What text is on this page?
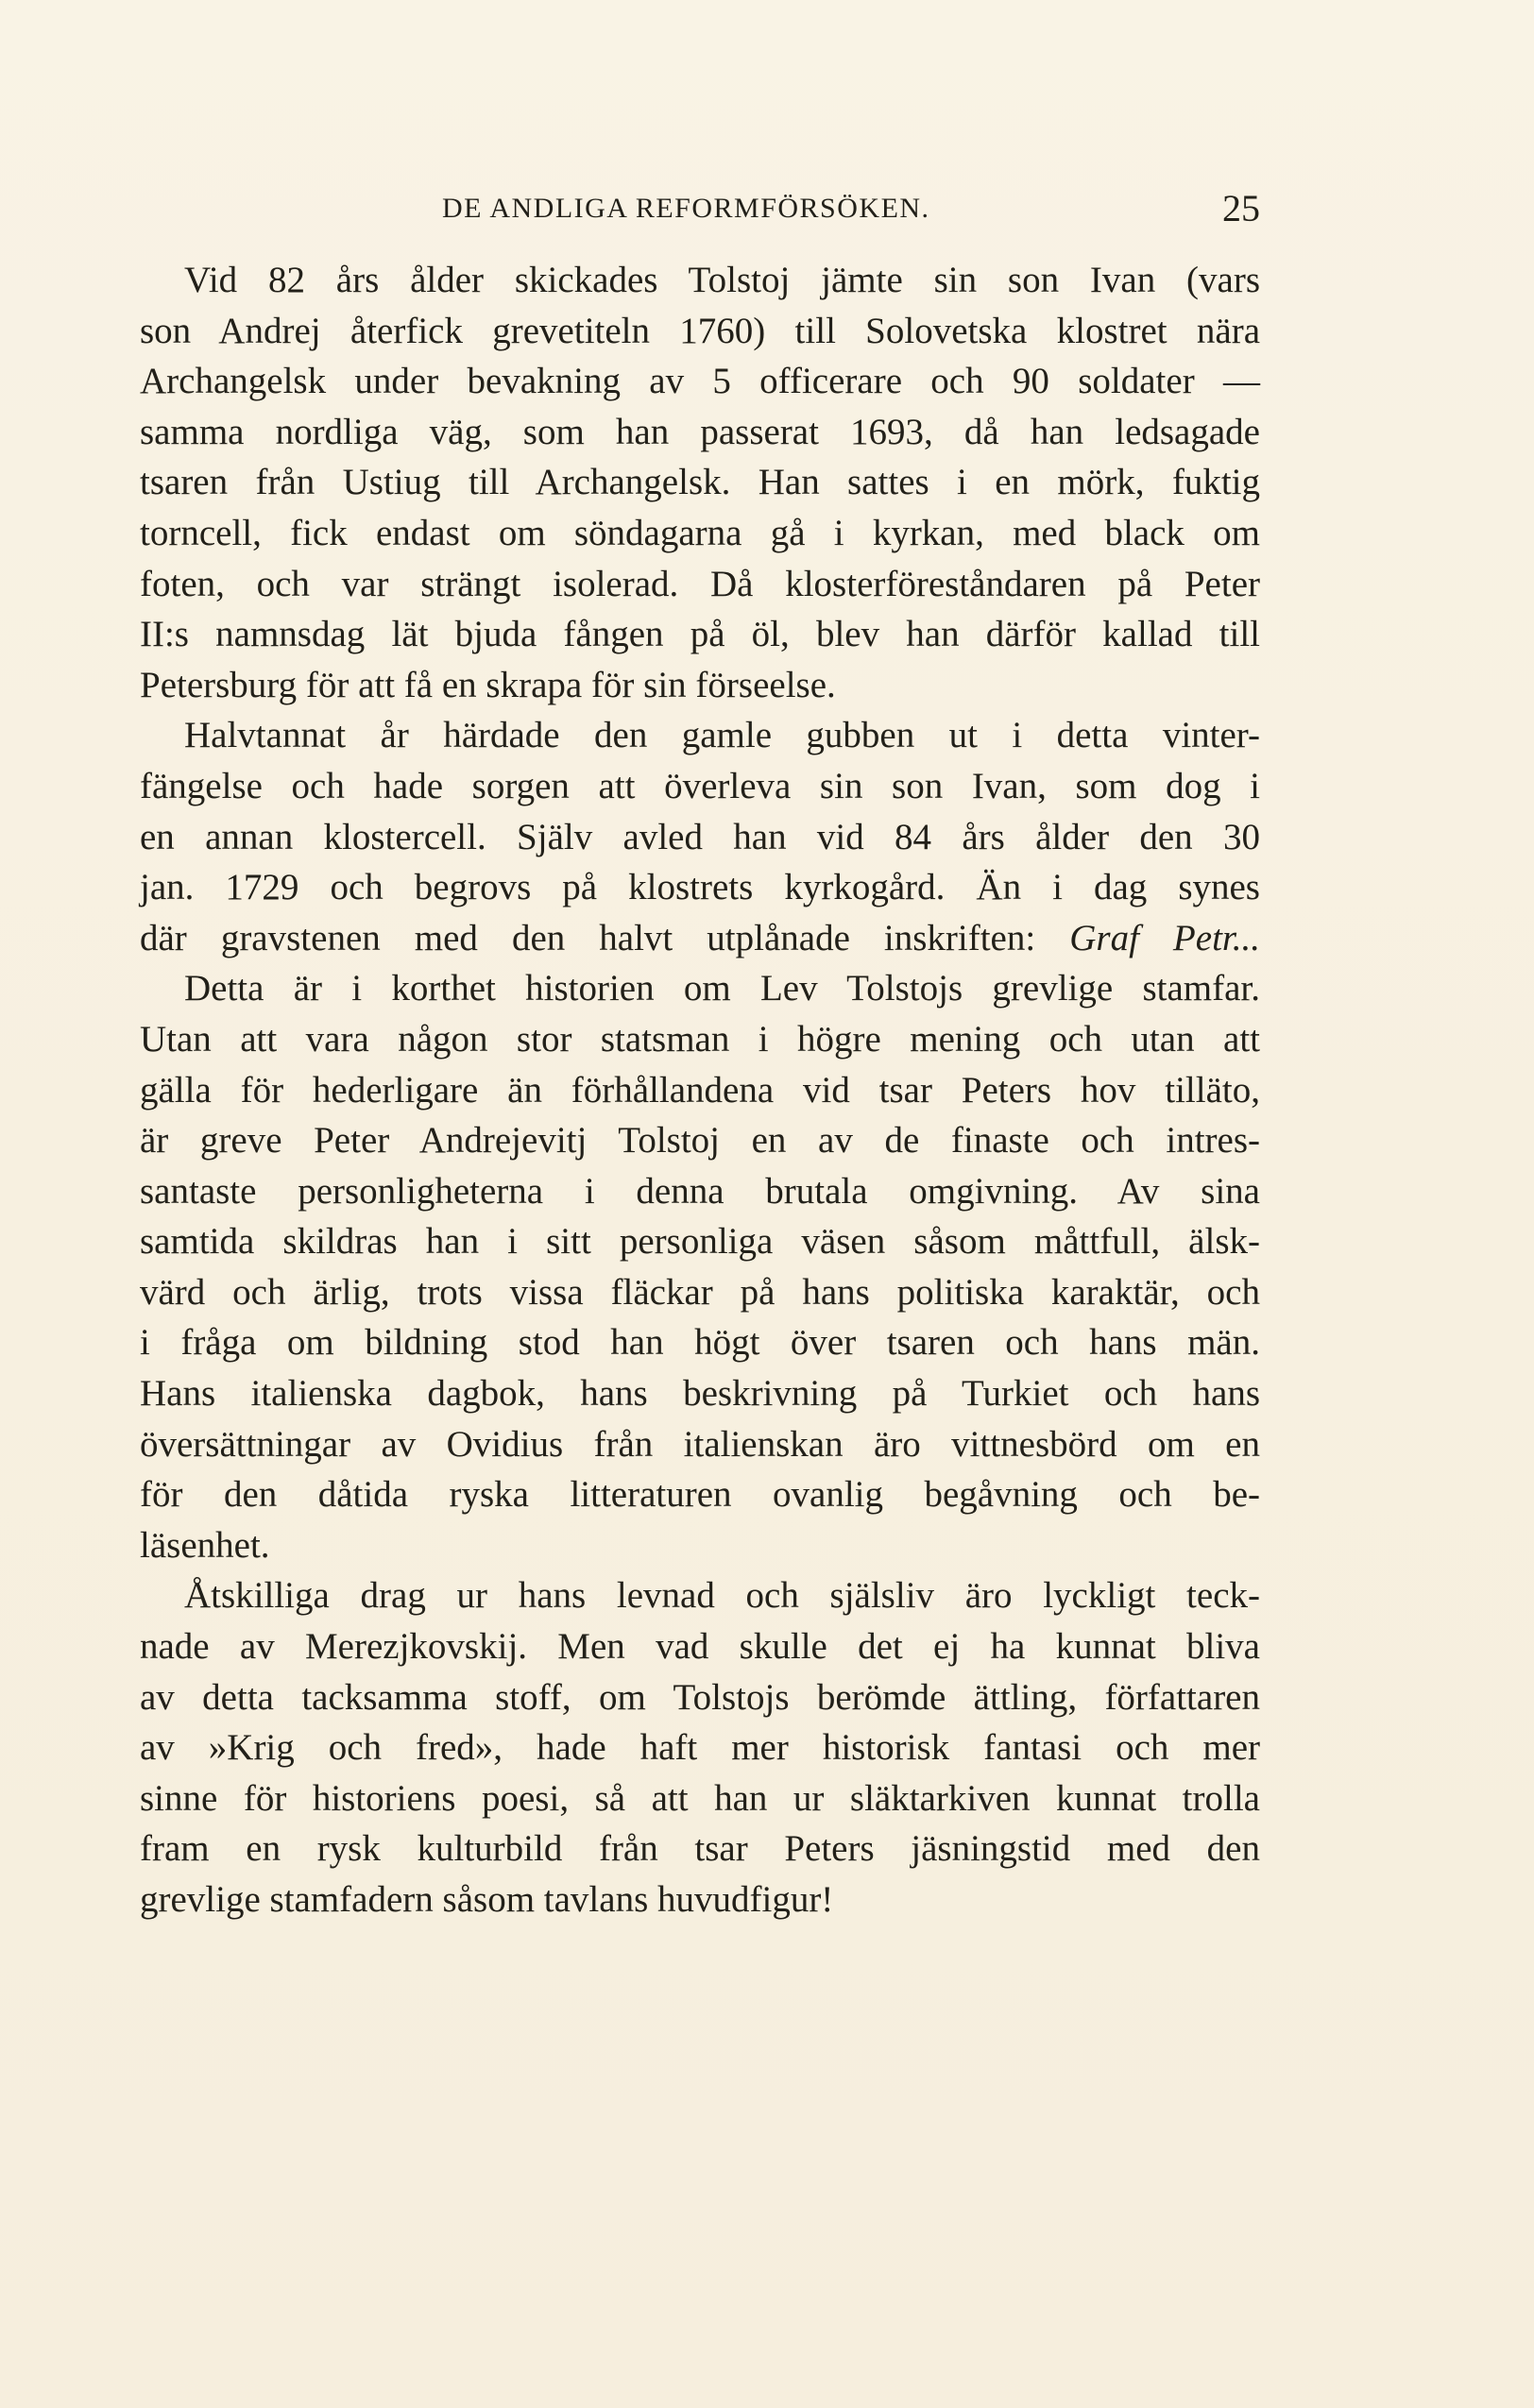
DE ANDLIGA REFORMFÖRSÖKEN.	25
Vid 82 års ålder skickades Tolstoj jämte sin son Ivan (vars
son Andrej återfick grevetiteln 1760) till Solovetska klostret nära
Archangelsk under bevakning av 5 officerare och 90 soldater —
samma nordliga väg, som han passerat 1693, då han ledsagade
tsaren från Ustiug till Archangelsk. Han sattes i en mörk, fuktig
torncell, fick endast om söndagarna gå i kyrkan, med black om
foten, och var strängt isolerad. Då klosterföreståndaren på Peter
II:s namnsdag lät bjuda fången på öl, blev han därför kallad till
Petersburg för att få en skrapa för sin förseelse.
Halvtannat år härdade den gamle gubben ut i detta vinter-
fängelse och hade sorgen att överleva sin son Ivan, som dog i
en annan klostercell. Själv avled han vid 84 års ålder den 30
jan. 1729 och begrovs på klostrets kyrkogård. Än i dag synes
där gravstenen med den halvt utplånade inskriften: Graf Petr...
Detta är i korthet historien om Lev Tolstojs grevlige stamfar.
Utan att vara någon stor statsman i högre mening och utan att
gälla för hederligare än förhållandena vid tsar Peters hov tilläto,
är greve Peter Andrejevitj Tolstoj en av de finaste och intres-
santaste personligheterna i denna brutala omgivning. Av sina
samtida skildras han i sitt personliga väsen såsom måttfull, älsk-
värd och ärlig, trots vissa fläckar på hans politiska karaktär, och
i fråga om bildning stod han högt över tsaren och hans män.
Hans italienska dagbok, hans beskrivning på Turkiet och hans
översättningar av Ovidius från italienskan äro vittnesbörd om en
för den dåtida ryska litteraturen ovanlig begåvning och be-
läsenhet.
Åtskilliga drag ur hans levnad och själsliv äro lyckligt teck-
nade av Merezjkovskij. Men vad skulle det ej ha kunnat bliva
av detta tacksamma stoff, om Tolstojs berömde ättling, författaren
av »Krig och fred», hade haft mer historisk fantasi och mer
sinne för historiens poesi, så att han ur släktarkiven kunnat trolla
fram en rysk kulturbild från tsar Peters jäsningstid med den
grevlige stamfadern såsom tavlans huvudfigur!
